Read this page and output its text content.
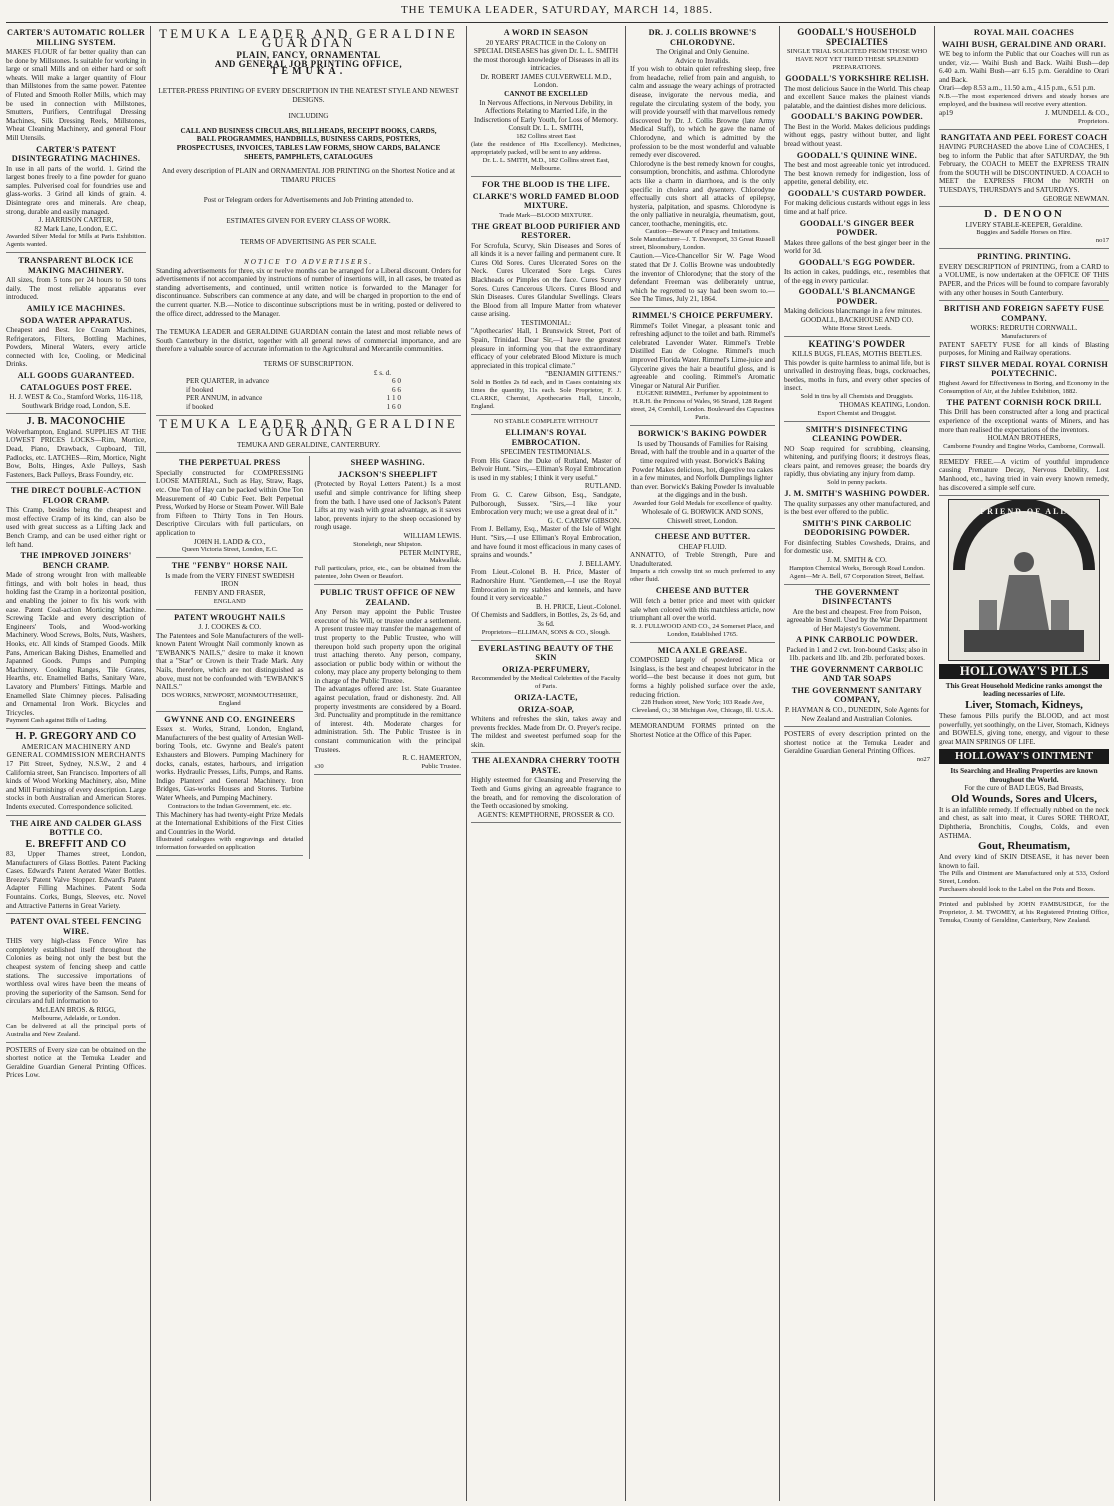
THE TEMUKA LEADER, SATURDAY, MARCH 14, 1885.
CARTER'S AUTOMATIC ROLLER MILLING SYSTEM.
MAKES FLOUR of far better quality than can be done by Millstones. Is suitable for working in large or small Mills and on either hard or soft wheats. Will make a larger quantity of Flour than Millstones from the same power. Patentee of Fluted and Smooth Roller Mills, which may be used in connection with Millstones, Smutters, Purifiers, Centrifugal Dressing Machines, Silk Dressing Reels, Millstones, Wheat Cleaning Machinery, and general Flour Mill Utensils.
CARTER'S PATENT DISINTEGRATING MACHINES.
In use in all parts of the world. 1. Grind the largest bones freely to a fine powder for guano samples. Pulverised coal for foundries use and glass-works. 3 Grind all kinds of grain. 4. Disintegrate ores and minerals. Are cheap, strong, durable and easily managed.
J. HARRISON CARTER,
82 Mark Lane, London, E.C.
Awarded Silver Medal for Mills at Paris Exhibition. Agents wanted.
TRANSPARENT BLOCK ICE MAKING MACHINERY.
All sizes, from 5 tons per 24 hours to 50 tons daily. The most reliable apparatus ever introduced.
AMILY ICE MACHINES.
SODA WATER APPARATUS.
Cheapest and Best. Ice Cream Machines, Refrigerators, Filters, Bottling Machines, Powders, Mineral Waters, every article connected with Ice, Cooling, or Medicinal Drinks.
ALL GOODS GUARANTEED.
CATALOGUES POST FREE.
H. J. WEST & Co., Stamford Works, 116-118, Southwark Bridge road, London, S.E.
J. B. MACONOCHIE
Wolverhampton, England. SUPPLIES AT THE LOWEST PRICES LOCKS—Rim, Mortice, Dead, Piano, Drawback, Cupboard, Till, Padlocks, etc. LATCHES—Rim, Mortice, Night Bow, Bolts, Hinges, Axle Pulleys, Sash Fasteners, Back Pulleys, Brass Foundry, etc.
THE DIRECT DOUBLE-ACTION FLOOR CRAMP.
This Cramp, besides being the cheapest and most effective Cramp of its kind, can also be used with great success as a Lifting Jack and Bench Cramp, and can be used either right or left hand.
THE IMPROVED JOINERS' BENCH CRAMP.
Made of strong wrought Iron with malleable fittings, and with bolt holes in head, thus holding fast the Cramp in a horizontal position, and enabling the joiner to fix his work with ease. Patent Coal-action Morticing Machine. Screwing Tackle and every description of Engineers' Tools, and Wood-working Machinery. Wood Screws, Bolts, Nuts, Washers, Hooks, etc. All kinds of Stamped Goods. Milk Pans, American Baking Dishes, Enamelled and Japanned Goods. Pumps and Pumping Machinery. Cooking Ranges, Tile Grates, Hearths, etc. Enamelled Baths, Sanitary Ware, Lavatory and Plumbers' Fittings. Marble and Enamelled Slate Chimney pieces. Palisading and Ornamental Iron Work. Bicycles and Tricycles.
Payment Cash against Bills of Lading.
H. P. GREGORY AND CO
AMERICAN MACHINERY AND GENERAL COMMISSION MERCHANTS
17 Pitt Street, Sydney, N.S.W., 2 and 4 California street, San Francisco. Importers of all kinds of Wood Working Machinery, also, Mine and Mill Furnishings of every description. Large stocks in both Australian and American Stores. Indents executed. Correspondence solicited.
THE AIRE AND CALDER GLASS BOTTLE CO.
E. BREFFIT AND CO
83, Upper Thames street, London, Manufacturers of Glass Bottles. Patent Packing Cases. Edward's Patent Aerated Water Bottles. Breeze's Patent Valve Stopper. Edward's Patent Adapter Filling Machines. Patent Soda Fountains. Corks, Bungs, Sleeves, etc. Novel and Attractive Patterns in Great Variety.
PATENT OVAL STEEL FENCING WIRE.
THIS very high-class Fence Wire has completely established itself throughout the Colonies as being not only the best but the cheapest system of fencing sheep and cattle stations. The successive importations of worthless oval wires have been the means of proving the superiority of the Samson. Send for circulars and full information to
McLEAN BROS. & RIGG,
Melbourne, Adelaide, or London.
Can be delivered at all the principal ports of Australia and New Zealand.
POSTERS of Every size can be obtained on the shortest notice at the Temuka Leader and Geraldine Guardian General Printing Offices. Prices Low.
TEMUKA LEADER AND GERALDINE GUARDIAN
PLAIN, FANCY, ORNAMENTAL
AND GENERAL JOB PRINTING OFFICE,
TEMUKA.
LETTER-PRESS PRINTING OF EVERY DESCRIPTION IN THE NEATEST STYLE AND NEWEST DESIGNS.
INCLUDING
CALL AND BUSINESS CIRCULARS, BILLHEADS, RECEIPT BOOKS, CARDS, BALL PROGRAMMES, HANDBILLS, BUSINESS CARDS, POSTERS, PROSPECTUSES, INVOICES, TABLES LAW FORMS, SHOW CARDS, BALANCE SHEETS, PAMPHLETS, CATALOGUES
And every description of PLAIN and ORNAMENTAL JOB PRINTING on the Shortest Notice and at TIMARU PRICES
Post or Telegram orders for Advertisements and Job Printing attended to.
ESTIMATES GIVEN FOR EVERY CLASS OF WORK.
TERMS OF ADVERTISING AS PER SCALE.
NOTICE TO ADVERTISERS.
Standing advertisements for three, six or twelve months can be arranged for a Liberal discount. Orders for advertisements if not accompanied by instructions of number of insertions will, in all cases, be treated as standing advertisements, and continued, until written notice is forwarded to the Manager for discontinuance. Subscribers can commence at any date, and will be charged in proportion to the end of the current quarter. N.B.—Notice to discontinue subscriptions must be in writing, posted or delivered to the office direct, addressed to the Manager.
The TEMUKA LEADER and GERALDINE GUARDIAN contain the latest and most reliable news of South Canterbury in the district, together with all general news of commercial importance, and are therefore a valuable source of accurate information to the Agricultural and Mercantile communities.
TERMS OF SUBSCRIPTION.
£ s. d.
PER QUARTER, in advance	6 0
if booked	6 6
PER ANNUM, in advance	1 1 0
if booked	1 6 0
TEMUKA LEADER AND GERALDINE GUARDIAN
TEMUKA AND GERALDINE, CANTERBURY.
THE PERPETUAL PRESS
Specially constructed for COMPRESSING LOOSE MATERIAL, Such as Hay, Straw, Rags, etc. One Ton of Hay can be packed within One Ton Measurement of 40 Cubic Feet. Belt Perpetual Press, Worked by Horse or Steam Power. Will Bale from Fifteen to Thirty Tons in Ten Hours. Descriptive Circulars with full particulars, on application to
JOHN H. LADD & CO.,
Queen Victoria Street, London, E.C.
THE "FENBY" HORSE NAIL
Is made from the VERY FINEST SWEDISH IRON
FENBY AND FRASER,
ENGLAND
PATENT WROUGHT NAILS
J. J. COOKES & CO.
The Patentees and Sole Manufacturers of the well-known Patent Wrought Nail commonly known as "EWBANK'S NAILS," desire to make it known that a "Star" or Crown is their Trade Mark. Any Nails, therefore, which are not distinguished as above, must not be confounded with "EWBANK'S NAILS."
DOS WORKS, NEWPORT, MONMOUTHSHIRE, England
GWYNNE AND CO. ENGINEERS
Essex st. Works, Strand, London, England, Manufacturers of the best quality of Artesian Well-boring Tools, etc. Gwynne and Beale's patent Exhausters and Blowers. Pumping Machinery for docks, canals, estates, harbours, and irrigation works. Hydraulic Presses, Lifts, Pumps, and Rams. Indigo Planters' and General Machinery. Iron Bridges, Gas-works Houses and Stores. Turbine Water Wheels, and Pumping Machinery.
Contractors to the Indian Government, etc. etc.
This Machinery has had twenty-eight Prize Medals at the International Exhibitions of the First Cities and Countries in the World.
Illustrated catalogues with engravings and detailed information forwarded on application
SHEEP WASHING.
JACKSON'S SHEEPLIFT
(Protected by Royal Letters Patent.) Is a most useful and simple contrivance for lifting sheep from the bath. I have used one of Jackson's Patent Lifts at my wash with great advantage, as it saves labor, prevents injury to the sheep occasioned by rough usage.
WILLIAM LEWIS.
Stoneleigh, near Shipston.
PETER McINTYRE,
Makwallak.
Full particulars, price, etc., can be obtained from the patentee, John Owen or Beaufort.
PUBLIC TRUST OFFICE OF NEW ZEALAND.
Any Person may appoint the Public Trustee executor of his Will, or trustee under a settlement. A present trustee may transfer the management of trust property to the Public Trustee, who will thereupon hold such property upon the original trust attaching thereto. Any person, company, association or public body within or without the colony, may place any property belonging to them in charge of the Public Trustee.
The advantages offered are: 1st. State Guarantee against peculation, fraud or dishonesty. 2nd. All property investments are considered by a Board. 3rd. Punctuality and promptitude in the remittance of interest. 4th. Moderate charges for administration. 5th. The Public Trustee is in constant communication with the principal Trustees.
R. C. HAMERTON,
s30	Public Trustee.
A WORD IN SEASON
20 YEARS' PRACTICE in the Colony on SPECIAL DISEASES has given Dr. L. L. SMITH the most thorough knowledge of Diseases in all its intricacies.
Dr. ROBERT JAMES CULVERWELL M.D., London.
CANNOT BE EXCELLED
In Nervous Affections, in Nervous Debility, in Affections Relating to Married Life, in the Indiscretions of Early Youth, for Loss of Memory.
Consult Dr. L. L. SMITH,
182 Collins street East
(late the residence of His Excellency). Medicines, appropriately packed, will be sent to any address.
Dr. L. L. SMITH, M.D., 182 Collins street East, Melbourne.
FOR THE BLOOD IS THE LIFE.
CLARKE'S WORLD FAMED BLOOD MIXTURE.
Trade Mark—BLOOD MIXTURE.
THE GREAT BLOOD PURIFIER AND RESTORER.
For Scrofula, Scurvy, Skin Diseases and Sores of all kinds it is a never failing and permanent cure. It Cures Old Sores. Cures Ulcerated Sores on the Neck. Cures Ulcerated Sore Legs. Cures Blackheads or Pimples on the face. Cures Scurvy Sores. Cures Cancerous Ulcers. Cures Blood and Skin Diseases. Cures Glandular Swellings. Clears the Blood from all Impure Matter from whatever cause arising.
TESTIMONIAL:
"Apothecaries' Hall, 1 Brunswick Street, Port of Spain, Trinidad. Dear Sir,—I have the greatest pleasure in informing you that the extraordinary efficacy of your celebrated Blood Mixture is much appreciated in this tropical climate."
"BENJAMIN GITTENS."
Sold in Bottles 2s 6d each, and in Cases containing six times the quantity, 11s each. Sole Proprietor, F. J. CLARKE, Chemist, Apothecaries Hall, Lincoln, England.
NO STABLE COMPLETE WITHOUT
ELLIMAN'S ROYAL EMBROCATION.
SPECIMEN TESTIMONIALS.
From His Grace the Duke of Rutland, Master of Belvoir Hunt. "Sirs,—Elliman's Royal Embrocation is used in my stables; I think it very useful."
RUTLAND.
From G. C. Carew Gibson, Esq., Sandgate, Pulborough, Sussex. "Sirs,—I like your Embrocation very much; we use a great deal of it."
G. C. CAREW GIBSON.
From J. Bellamy, Esq., Master of the Isle of Wight Hunt. "Sirs,—I use Elliman's Royal Embrocation, and have found it most efficacious in many cases of sprains and wounds."
J. BELLAMY.
From Lieut.-Colonel B. H. Price, Master of Radnorshire Hunt. "Gentlemen,—I use the Royal Embrocation in my stables and kennels, and have found it very serviceable."
B. H. PRICE, Lieut.-Colonel.
Of Chemists and Saddlers, in Bottles, 2s, 2s 6d, and 3s 6d.
Proprietors—ELLIMAN, SONS & CO., Slough.
EVERLASTING BEAUTY OF THE SKIN
ORIZA-PERFUMERY,
Recommended by the Medical Celebrities of the Faculty of Paris.
ORIZA-LACTE,
ORIZA-SOAP,
Whitens and refreshes the skin, takes away and prevents freckles. Made from Dr. O. Preyer's recipe. The mildest and sweetest perfumed soap for the skin.
THE ALEXANDRA CHERRY TOOTH PASTE.
Highly esteemed for Cleansing and Preserving the Teeth and Gums giving an agreeable fragrance to the breath, and for removing the discoloration of the Teeth occasioned by smoking.
AGENTS: KEMPTHORNE, PROSSER & CO.
DR. J. COLLIS BROWNE'S CHLORODYNE.
The Original and Only Genuine.
Advice to Invalids.
If you wish to obtain quiet refreshing sleep, free from headache, relief from pain and anguish, to calm and assuage the weary achings of protracted disease, invigorate the nervous media, and regulate the circulating system of the body, you will provide yourself with that marvellous remedy discovered by Dr. J. Collis Browne (late Army Medical Staff), to which he gave the name of Chlorodyne, and which is admitted by the profession to be the most wonderful and valuable remedy ever discovered.
Chlorodyne is the best remedy known for coughs, consumption, bronchitis, and asthma. Chlorodyne acts like a charm in diarrhoea, and is the only specific in cholera and dysentery. Chlorodyne effectually cuts short all attacks of epilepsy, hysteria, palpitation, and spasms. Chlorodyne is the only palliative in neuralgia, rheumatism, gout, cancer, toothache, meningitis, etc.
Caution—Beware of Piracy and Imitations.
Sole Manufacturer—J. T. Davenport, 33 Great Russell street, Bloomsbury, London.
Caution.—Vice-Chancellor Sir W. Page Wood stated that Dr J. Collis Browne was undoubtedly the inventor of Chlorodyne; that the story of the defendant Freeman was deliberately untrue, which he regretted to say had been sworn to.—See The Times, July 21, 1864.
RIMMEL'S CHOICE PERFUMERY.
Rimmel's Toilet Vinegar, a pleasant tonic and refreshing adjunct to the toilet and bath. Rimmel's celebrated Lavender Water. Rimmel's Treble Distilled Eau de Cologne. Rimmel's much improved Florida Water. Rimmel's Lime-juice and Glycerine gives the hair a beautiful gloss, and is agreeable and cooling. Rimmel's Aromatic Vinegar or Natural Air Purifier.
EUGENE RIMMEL, Perfumer by appointment to H.R.H. the Princess of Wales, 96 Strand, 128 Regent street, 24, Cornhill, London. Boulevard des Capucines Paris.
BORWICK'S BAKING POWDER
Is used by Thousands of Families for Raising Bread, with half the trouble and in a quarter of the time required with yeast. Borwick's Baking Powder Makes delicious, hot, digestive tea cakes in a few minutes, and Norfolk Dumplings lighter than ever. Borwick's Baking Powder Is invaluable at the diggings and in the bush.
Awarded four Gold Medals for excellence of quality.
Wholesale of G. BORWICK AND SONS, Chiswell street, London.
CHEESE AND BUTTER.
CHEAP FLUID.
ANNATTO, of Treble Strength, Pure and Unadulterated.
Imparts a rich cowslip tint so much preferred to any other fluid.
CHEESE AND BUTTER
Will fetch a better price and meet with quicker sale when colored with this matchless article, now triumphant all over the world.
R. J. FULLWOOD AND CO., 24 Somerset Place, and London, Established 1765.
MICA AXLE GREASE.
COMPOSED largely of powdered Mica or Isinglass, is the best and cheapest lubricator in the world—the best because it does not gum, but forms a highly polished surface over the axle, reducing friction.
228 Hudson street, New York; 103 Reade Ave, Cleveland, O.; 38 Michigan Ave, Chicago, Ill. U.S.A.
MEMORANDUM FORMS printed on the Shortest Notice at the Office of this Paper.
GOODALL'S HOUSEHOLD SPECIALTIES
SINGLE TRIAL SOLICITED FROM THOSE WHO HAVE NOT YET TRIED THESE SPLENDID PREPARATIONS.
GOODALL'S YORKSHIRE RELISH.
The most delicious Sauce in the World. This cheap and excellent Sauce makes the plainest viands palatable, and the daintiest dishes more delicious.
GOODALL'S BAKING POWDER.
The Best in the World. Makes delicious puddings without eggs, pastry without butter, and light bread without yeast.
GOODALL'S QUININE WINE.
The best and most agreeable tonic yet introduced. The best known remedy for indigestion, loss of appetite, general debility, etc.
GOODALL'S CUSTARD POWDER.
For making delicious custards without eggs in less time and at half price.
GOODALL'S GINGER BEER POWDER.
Makes three gallons of the best ginger beer in the world for 3d.
GOODALL'S EGG POWDER.
Its action in cakes, puddings, etc., resembles that of the egg in every particular.
GOODALL'S BLANCMANGE POWDER.
Making delicious blancmange in a few minutes.
GOODALL, BACKHOUSE AND CO.
White Horse Street Leeds.
KEATING'S POWDER
KILLS BUGS, FLEAS, MOTHS BEETLES.
This powder is quite harmless to animal life, but is unrivalled in destroying fleas, bugs, cockroaches, beetles, moths in furs, and every other species of insect.
Sold in tins by all Chemists and Druggists.
THOMAS KEATING, London.
Export Chemist and Druggist.
SMITH'S DISINFECTING CLEANING POWDER.
NO Soap required for scrubbing, cleansing, whitening, and purifying floors; it destroys fleas, clears paint, and removes grease; the boards dry rapidly, thus obviating any injury from damp.
Sold in penny packets.
J. M. SMITH'S WASHING POWDER.
The quality surpasses any other manufactured, and is the best ever offered to the public.
SMITH'S PINK CARBOLIC DEODORISING POWDER.
For disinfecting Stables Cowsheds, Drains, and for domestic use.
J. M. SMITH & CO.
Hampton Chemical Works, Borough Road London.
Agent—Mr A. Bell, 67 Corporation Street, Belfast.
THE GOVERNMENT DISINFECTANTS
Are the best and cheapest. Free from Poison, agreeable in Smell. Used by the War Department of Her Majesty's Government.
A PINK CARBOLIC POWDER.
Packed in 1 and 2 cwt. Iron-bound Casks; also in 1lb. packets and 1lb. and 2lb. perforated boxes.
THE GOVERNMENT CARBOLIC AND TAR SOAPS
THE GOVERNMENT SANITARY COMPANY,
P. HAYMAN & CO., DUNEDIN, Sole Agents for New Zealand and Australian Colonies.
POSTERS of every description printed on the shortest notice at the Temuka Leader and Geraldine Guardian General Printing Offices.
no27
ROYAL MAIL COACHES
WAIHI BUSH, GERALDINE AND ORARI.
WE beg to inform the Public that our Coaches will run as under, viz.— Waihi Bush and Back. Waihi Bush—dep 6.40 a.m. Waihi Bush—arr 6.15 p.m. Geraldine to Orari and Back.
Orari—dep 8.53 a.m., 11.50 a.m., 4.15 p.m., 6.51 p.m.
N.B.—The most experienced drivers and steady horses are employed, and the business will receive every attention.
ap19	J. MUNDELL & CO.,
Proprietors.
RANGITATA AND PEEL FOREST COACH
HAVING PURCHASED the above Line of COACHES, I beg to inform the Public that after SATURDAY, the 9th February, the COACH to MEET the EXPRESS TRAIN from the SOUTH will be DISCONTINUED. A COACH to MEET the EXPRESS FROM the NORTH on TUESDAYS, THURSDAYS and SATURDAYS.
GEORGE NEWMAN.
D. DENOON
LIVERY STABLE-KEEPER, Geraldine.
Buggies and Saddle Horses on Hire.
no17
PRINTING. PRINTING.
EVERY DESCRIPTION of PRINTING, from a CARD to a VOLUME, is now undertaken at the OFFICE OF THIS PAPER, and the Prices will be found to compare favorably with any other houses in South Canterbury.
BRITISH AND FOREIGN SAFETY FUSE COMPANY.
WORKS: REDRUTH CORNWALL.
Manufacturers of
PATENT SAFETY FUSE for all kinds of Blasting purposes, for Mining and Railway operations.
FIRST SILVER MEDAL ROYAL CORNISH POLYTECHNIC.
Highest Award for Effectiveness in Boring, and Economy in the Consumption of Air, at the Jubilee Exhibition, 1882.
THE PATENT CORNISH ROCK DRILL
This Drill has been constructed after a long and practical experience of the exceptional wants of Miners, and has more than realised the expectations of the inventors.
HOLMAN BROTHERS,
Camborne Foundry and Engine Works, Camborne, Cornwall.
REMEDY FREE.—A victim of youthful imprudence causing Premature Decay, Nervous Debility, Lost Manhood, etc., having tried in vain every known remedy, has discovered a simple self cure.
FRIEND OF ALL
HOLLOWAY'S PILLS
This Great Household Medicine ranks amongst the leading necessaries of Life.
Liver, Stomach, Kidneys,
These famous Pills purify the BLOOD, and act most powerfully, yet soothingly, on the Liver, Stomach, Kidneys and BOWELS, giving tone, energy, and vigour to these great MAIN SPRINGS OF LIFE.
HOLLOWAY'S OINTMENT
Its Searching and Healing Properties are known throughout the World.
For the cure of BAD LEGS, Bad Breasts,
Old Wounds, Sores and Ulcers,
It is an infallible remedy. If effectually rubbed on the neck and chest, as salt into meat, it Cures SORE THROAT, Diphtheria, Bronchitis, Coughs, Colds, and even ASTHMA.
Gout, Rheumatism,
And every kind of SKIN DISEASE, it has never been known to fail.
The Pills and Ointment are Manufactured only at 533, Oxford Street, London.
Purchasers should look to the Label on the Pots and Boxes.
Printed and published by JOHN FAMBUSIDGE, for the Proprietor, J. M. TWOMEY, at his Registered Printing Office, Temuka, County of Geraldine, Canterbury, New Zealand.
